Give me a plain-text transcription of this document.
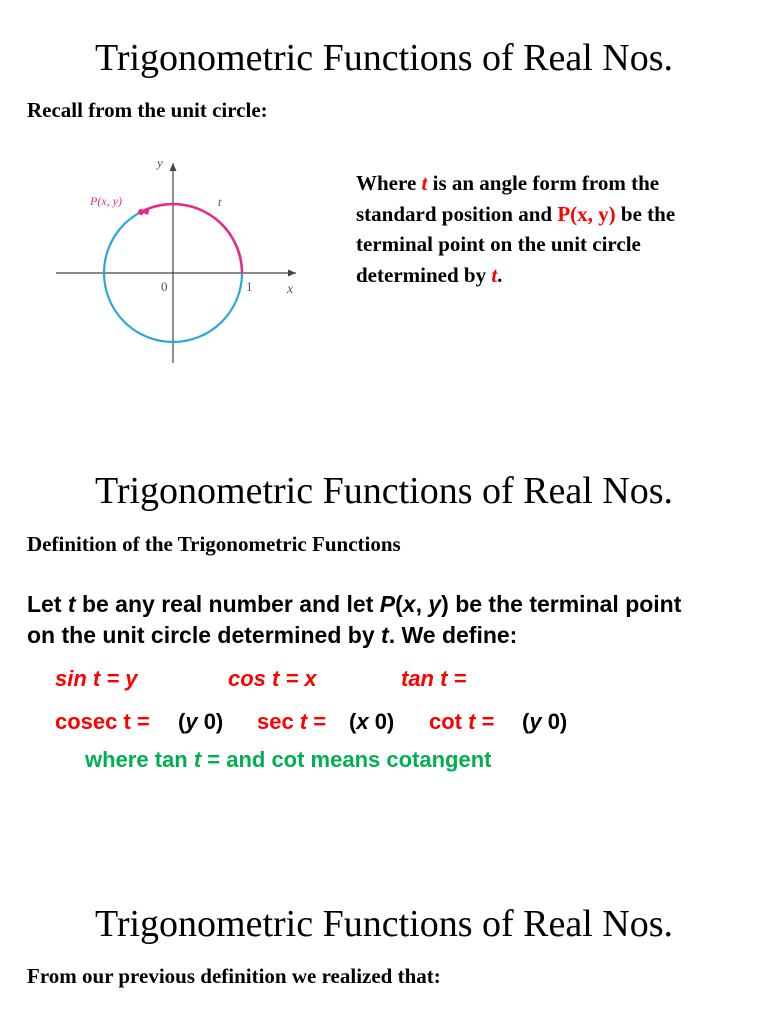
Trigonometric Functions of Real Nos.
Recall from the unit circle:
y
x
0	1
P(x, y)	t
Where t is an angle form from the
standard position and P(x, y) be the
terminal point on the unit circle
determined by t.
Trigonometric Functions of Real Nos.
Definition of the Trigonometric Functions
Let t be any real number and let P(x, y) be the terminal point
on the unit circle determined by t. We define:
sin t = y	cos t = x	tan t =
cosec t = (y 0) sec t = (x 0) cot t = (y 0)
where tan t = and cot means cotangent
Trigonometric Functions of Real Nos.
From our previous definition we realized that:
